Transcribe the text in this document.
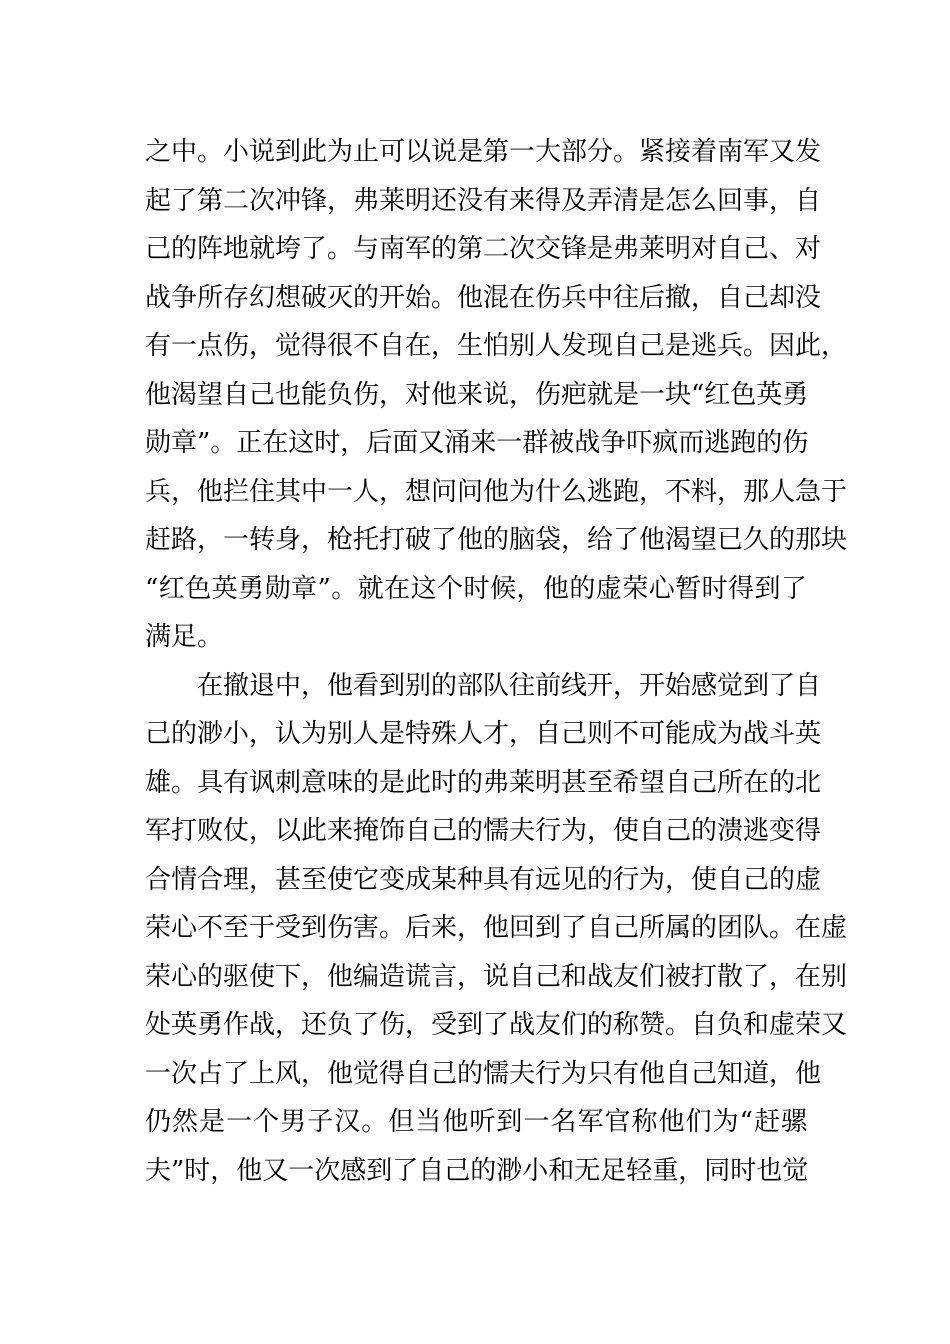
之中。小说到此为止可以说是第一大部分。紧接着南军又发
起了第二次冲锋，弗莱明还没有来得及弄清是怎么回事，自
己的阵地就垮了。与南军的第二次交锋是弗莱明对自己、对
战争所存幻想破灭的开始。他混在伤兵中往后撤，自己却没
有一点伤，觉得很不自在，生怕别人发现自己是逃兵。因此，
他渴望自己也能负伤，对他来说，伤疤就是一块“红色英勇
勋章”。正在这时，后面又涌来一群被战争吓疯而逃跑的伤
兵，他拦住其中一人，想问问他为什么逃跑，不料，那人急于
赶路，一转身，枪托打破了他的脑袋，给了他渴望已久的那块
“红色英勇勋章”。就在这个时候，他的虚荣心暂时得到了
满足。
在撤退中，他看到别的部队往前线开，开始感觉到了自
己的渺小，认为别人是特殊人才，自己则不可能成为战斗英
雄。具有讽刺意味的是此时的弗莱明甚至希望自己所在的北
军打败仗，以此来掩饰自己的懦夫行为，使自己的溃逃变得
合情合理，甚至使它变成某种具有远见的行为，使自己的虚
荣心不至于受到伤害。后来，他回到了自己所属的团队。在虚
荣心的驱使下，他编造谎言，说自己和战友们被打散了，在别
处英勇作战，还负了伤，受到了战友们的称赞。自负和虚荣又
一次占了上风，他觉得自己的懦夫行为只有他自己知道，他
仍然是一个男子汉。但当他听到一名军官称他们为“赶骡
夫”时，他又一次感到了自己的渺小和无足轻重，同时也觉
